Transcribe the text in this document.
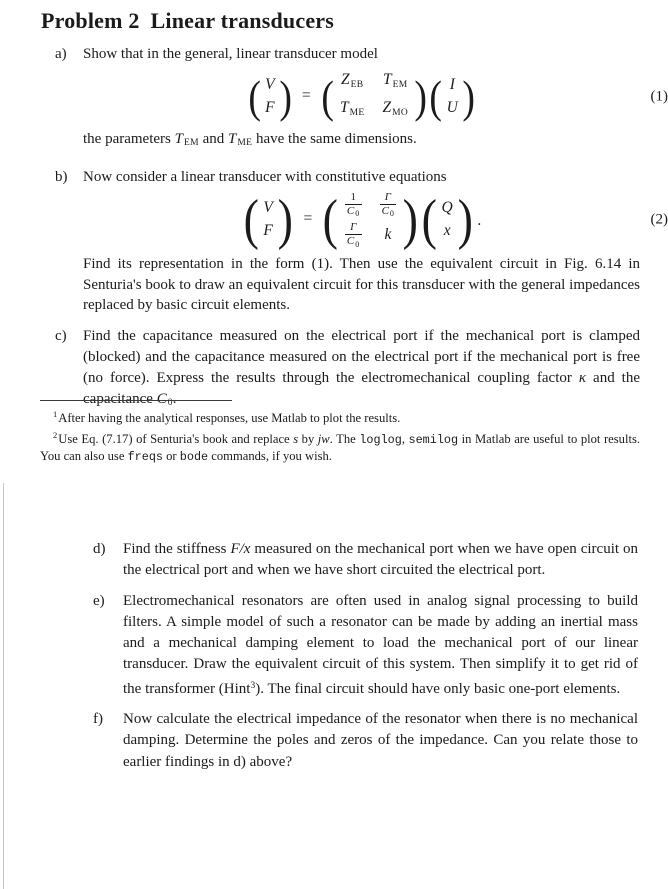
Problem 2 Linear transducers
a)	Show that in the general, linear transducer model
( V
F ) = ( ZEB TEM
TME ZMO ) ( I
U )	(1)
the parameters TEM and TME have the same dimensions.
b)	Now consider a linear transducer with constitutive equations
( V
F ) = ( $\frac{1}{C_0} \frac{\Gamma}{C_0}$
$\frac{\Gamma}{C_0}$ k ) ( Q
x ) .	(2)
Find its representation in the form (1). Then use the equivalent circuit in Fig. 6.14 in Senturia's book to draw an equivalent circuit for this transducer with the general impedances replaced by basic circuit elements.
c)	Find the capacitance measured on the electrical port if the mechanical port is clamped (blocked) and the capacitance measured on the electrical port if the mechanical port is free (no force). Express the results through the electromechanical coupling factor κ and the capacitance C0.

$^1$After having the analytical responses, use Matlab to plot the results.

$^2$Use Eq. (7.17) of Senturia's book and replace s by jw. The loglog, semilog in Matlab are useful to plot results. You can also use freqs or bode commands, if you wish.

d)	Find the stiffness F/x measured on the mechanical port when we have open circuit on the electrical port and when we have short circuited the electrical port.
e)	Electromechanical resonators are often used in analog signal processing to build filters. A simple model of such a resonator can be made by adding an inertial mass and a mechanical damping element to load the mechanical port of our linear transducer. Draw the equivalent circuit of this system. Then simplify it to get rid of the transformer (Hint$^3$). The final circuit should have only basic one-port elements.
f)	Now calculate the electrical impedance of the resonator when there is no mechanical damping. Determine the poles and zeros of the impedance. Can you relate those to earlier findings in d) above?
